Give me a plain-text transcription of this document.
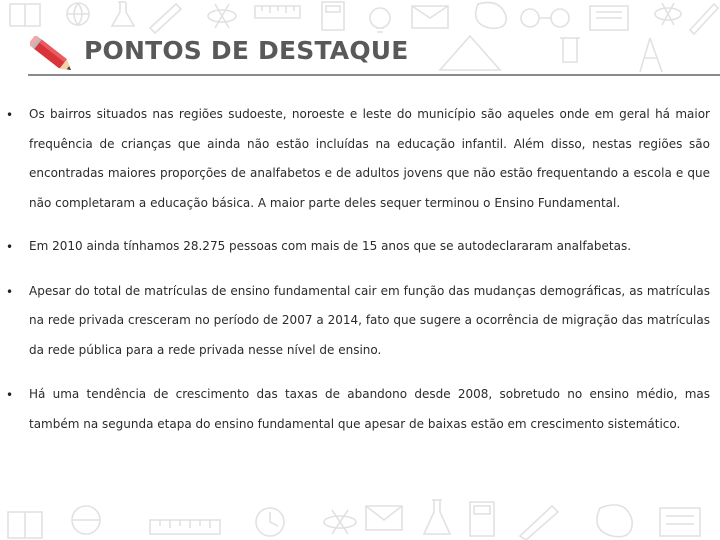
PONTOS DE DESTAQUE
• Os bairros situados nas regiões sudoeste, noroeste e leste do município são aqueles onde em geral há maior frequência de crianças que ainda não estão incluídas na educação infantil. Além disso, nestas regiões são encontradas maiores proporções de analfabetos e de adultos jovens que não estão frequentando a escola e que não completaram a educação básica. A maior parte deles sequer terminou o Ensino Fundamental.

• Em 2010 ainda tínhamos 28.275 pessoas com mais de 15 anos que se autodeclararam analfabetas.

• Apesar do total de matrículas de ensino fundamental cair em função das mudanças demográficas, as matrículas na rede privada cresceram no período de 2007 a 2014, fato que sugere a ocorrência de migração das matrículas da rede pública para a rede privada nesse nível de ensino.

• Há uma tendência de crescimento das taxas de abandono desde 2008, sobretudo no ensino médio, mas também na segunda etapa do ensino fundamental que apesar de baixas estão em crescimento sistemático.
